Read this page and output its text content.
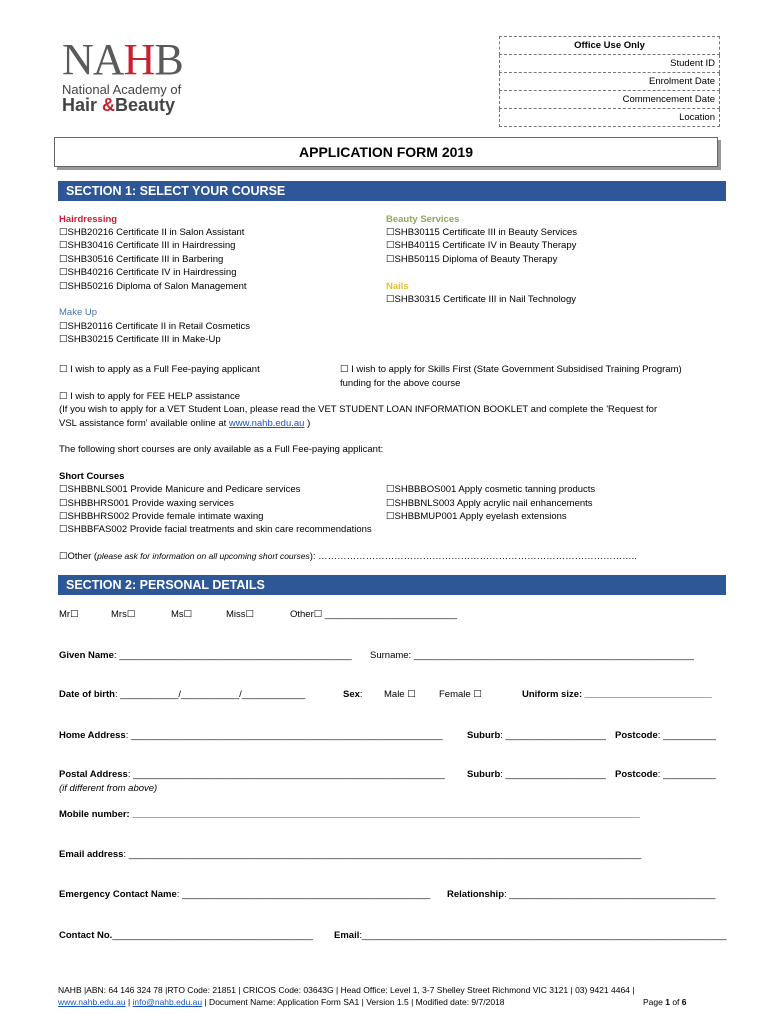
NAHB
National Academy of
Hair &Beauty
Office Use Only
Student ID
Enrolment Date
Commencement Date
Location
APPLICATION FORM 2019
SECTION 1: SELECT YOUR COURSE
Hairdressing
☐SHB20216 Certificate II in Salon Assistant
☐SHB30416 Certificate III in Hairdressing
☐SHB30516 Certificate III in Barbering
☐SHB40216 Certificate IV in Hairdressing
☐SHB50216 Diploma of Salon Management
Beauty Services
☐SHB30115 Certificate III in Beauty Services
☐SHB40115 Certificate IV in Beauty Therapy
☐SHB50115 Diploma of Beauty Therapy
Nails
☐SHB30315 Certificate III in Nail Technology
Make Up
☐SHB20116 Certificate II in Retail Cosmetics
☐SHB30215 Certificate III in Make-Up
☐ I wish to apply as a Full Fee-paying applicant	☐ I wish to apply for Skills First (State Government Subsidised Training Program)
funding for the above course
☐ I wish to apply for FEE HELP assistance
(If you wish to apply for a VET Student Loan, please read the VET STUDENT LOAN INFORMATION BOOKLET and complete the 'Request for
VSL assistance form' available online at www.nahb.edu.au )
The following short courses are only available as a Full Fee-paying applicant:
Short Courses
☐SHBBNLS001 Provide Manicure and Pedicare services
☐SHBBHRS001 Provide waxing services
☐SHBBHRS002 Provide female intimate waxing
☐SHBBFAS002 Provide facial treatments and skin care recommendations
☐SHBBBOS001 Apply cosmetic tanning products
☐SHBBNLS003 Apply acrylic nail enhancements
☐SHBBMUP001 Apply eyelash extensions
☐Other (please ask for information on all upcoming short courses): ………………………………………………………………………………………..
SECTION 2: PERSONAL DETAILS
Mr☐	Mrs☐	Ms☐	Miss☐	Other☐ _________________________
Given Name: ____________________________________________ Surname: _____________________________________________________
Date of birth: ___________/___________/____________	Sex: Male ☐ Female ☐	Uniform size: ________________________
Home Address: ___________________________________________________________	Suburb: ___________________ Postcode: __________
Postal Address: ___________________________________________________________ Suburb: ___________________ Postcode: __________
(if different from above)
Mobile number: ________________________________________________________________________________________________
Email address: _________________________________________________________________________________________________
Emergency Contact Name: _______________________________________________ Relationship: _______________________________________
Contact No.______________________________________ Email:_____________________________________________________________________
NAHB |ABN: 64 146 324 78 |RTO Code: 21851 | CRICOS Code: 03643G | Head Office: Level 1, 3-7 Shelley Street Richmond VIC 3121 | 03) 9421 4464 |
www.nahb.edu.au | info@nahb.edu.au | Document Name: Application Form SA1 | Version 1.5 | Modified date: 9/7/2018	Page 1 of 6
